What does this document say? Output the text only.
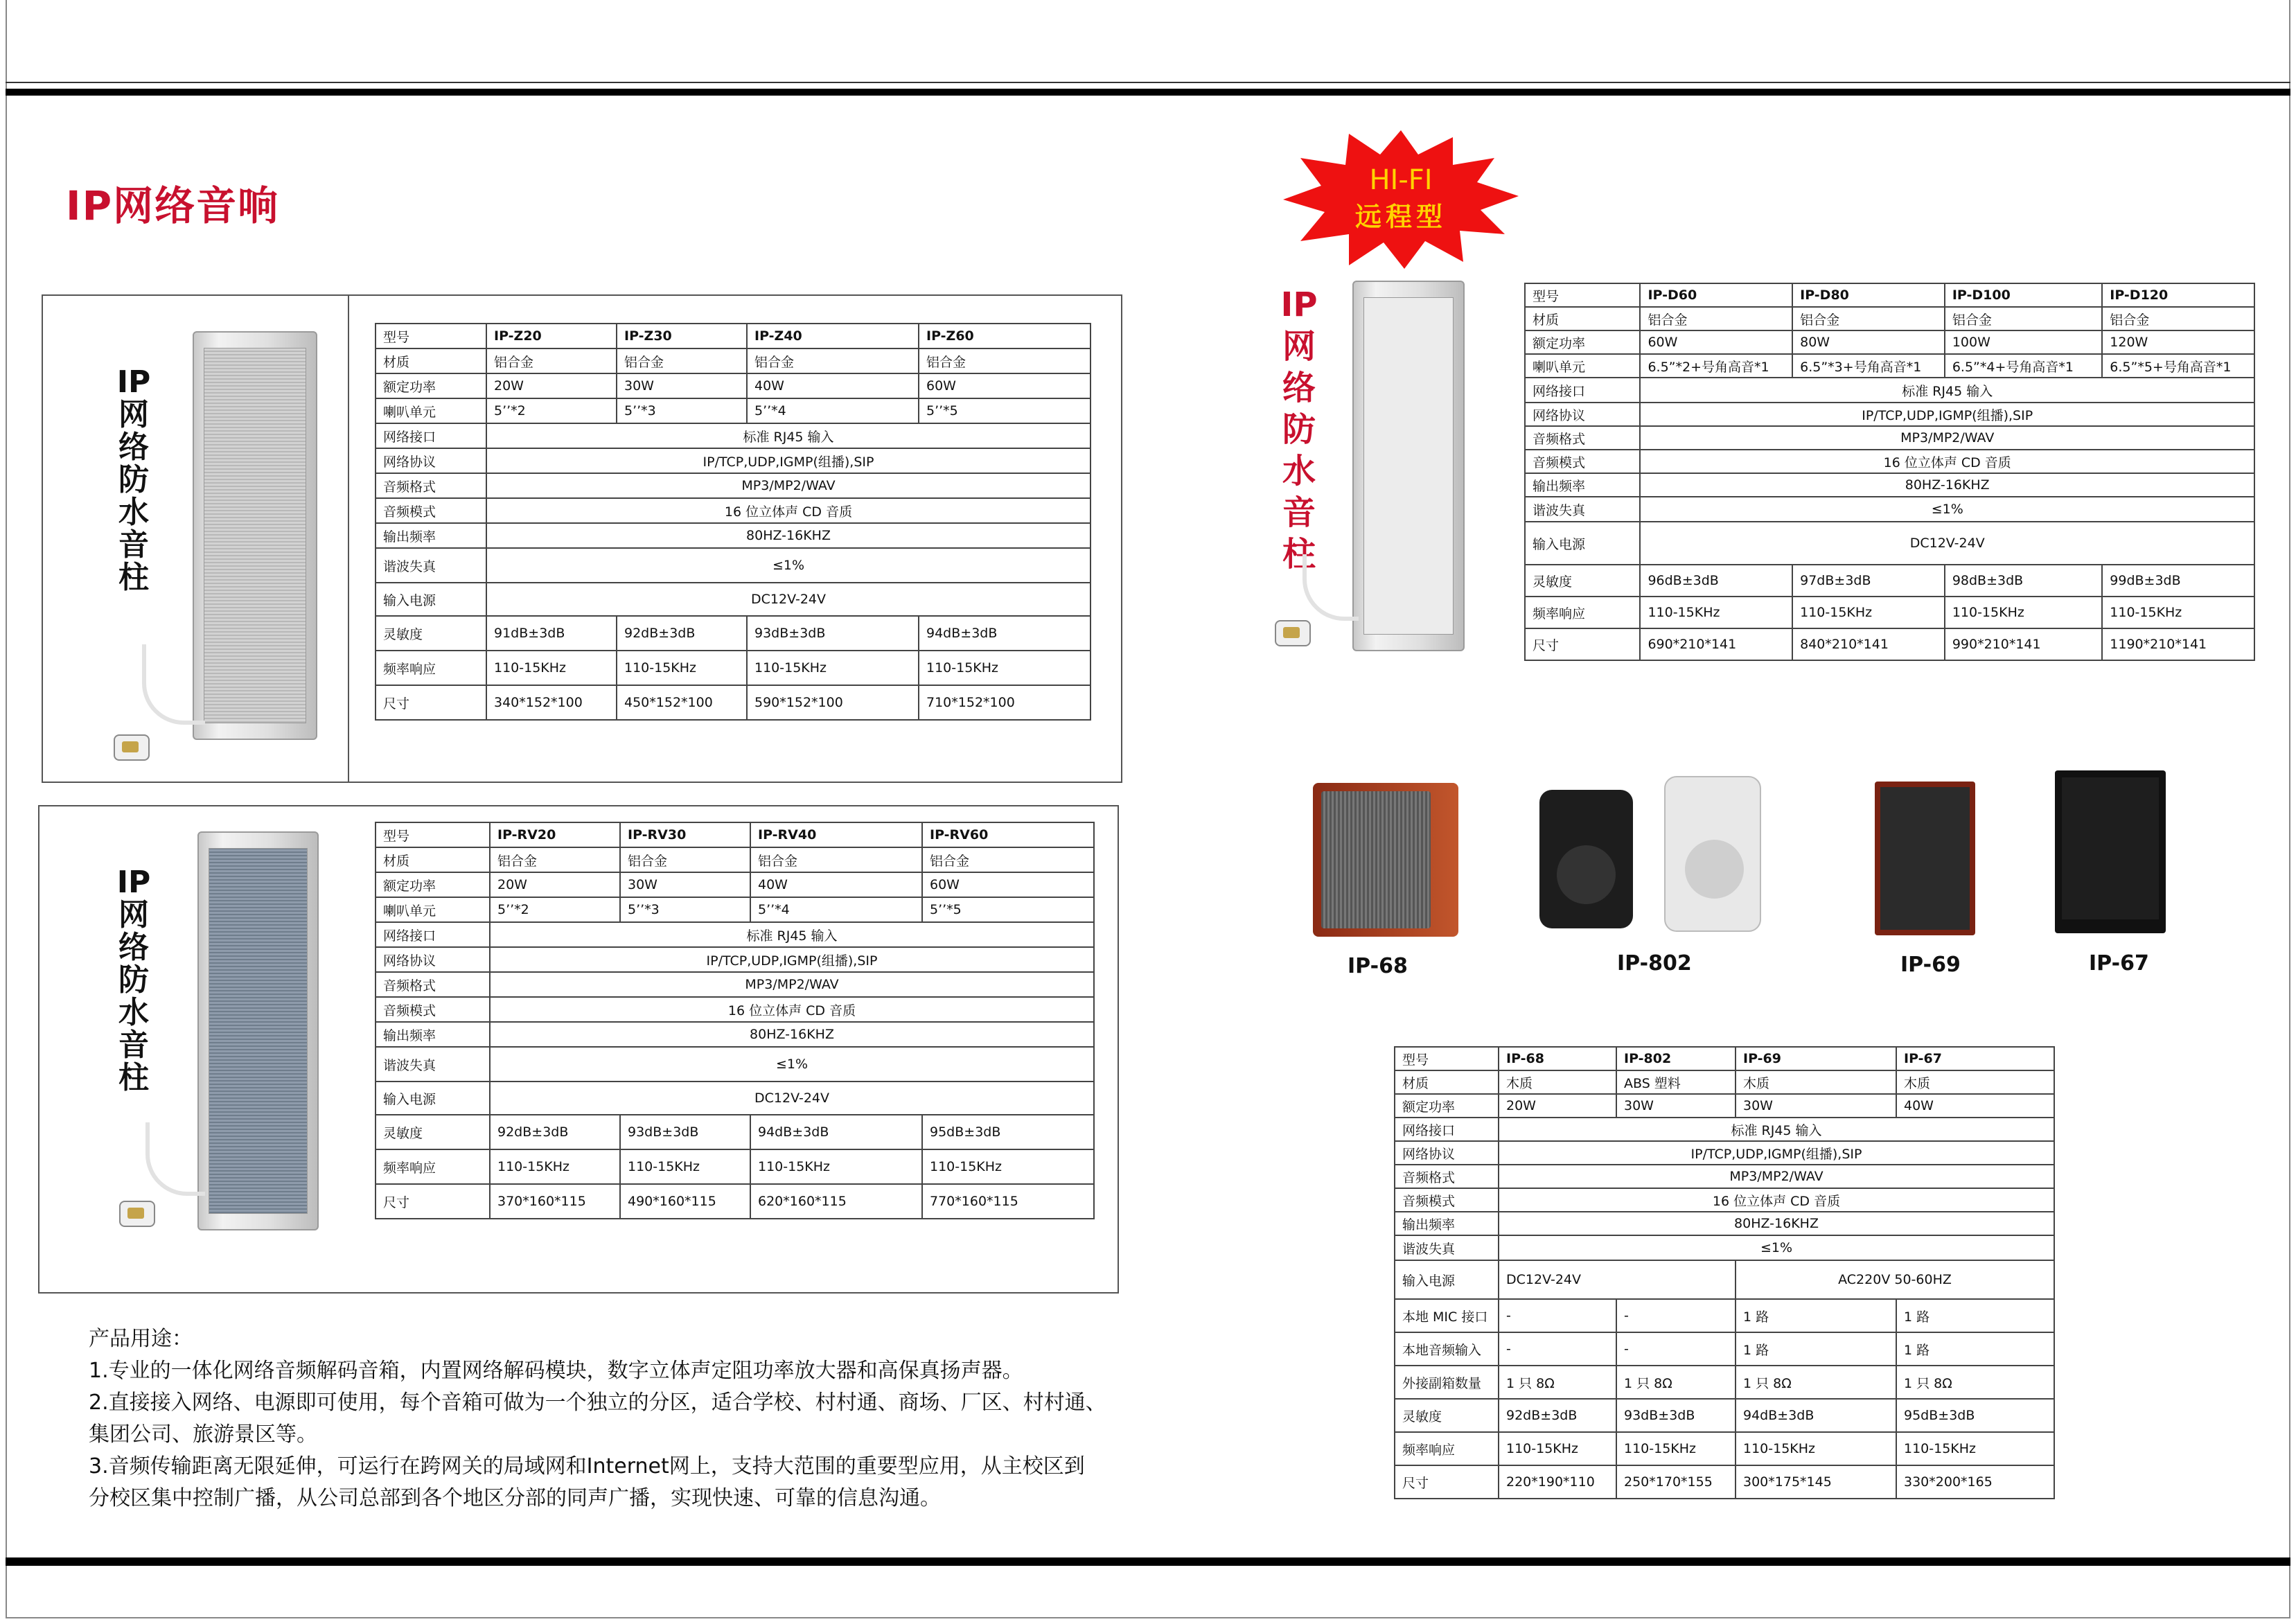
IP网络音响
IP
网
络
防
水
音
柱
型号	IP-Z20	IP-Z30	IP-Z40	IP-Z60
材质	铝合金	铝合金	铝合金	铝合金
额定功率	20W	30W	40W	60W
喇叭单元	5’’*2	5’’*3	5’’*4	5’’*5
网络接口	标准 RJ45 输入			
网络协议	IP/TCP,UDP,IGMP(组播),SIP			
音频格式	MP3/MP2/WAV			
音频模式	16 位立体声 CD 音质			
输出频率	80HZ-16KHZ			
谐波失真	≤1%			
输入电源	DC12V-24V			
灵敏度	91dB±3dB	92dB±3dB	93dB±3dB	94dB±3dB
频率响应	110-15KHz	110-15KHz	110-15KHz	110-15KHz
尺寸	340*152*100	450*152*100	590*152*100	710*152*100
IP
网
络
防
水
音
柱
型号	IP-RV20	IP-RV30	IP-RV40	IP-RV60
材质	铝合金	铝合金	铝合金	铝合金
额定功率	20W	30W	40W	60W
喇叭单元	5’’*2	5’’*3	5’’*4	5’’*5
网络接口	标准 RJ45 输入			
网络协议	IP/TCP,UDP,IGMP(组播),SIP			
音频格式	MP3/MP2/WAV			
音频模式	16 位立体声 CD 音质			
输出频率	80HZ-16KHZ			
谐波失真	≤1%			
输入电源	DC12V-24V			
灵敏度	92dB±3dB	93dB±3dB	94dB±3dB	95dB±3dB
频率响应	110-15KHz	110-15KHz	110-15KHz	110-15KHz
尺寸	370*160*115	490*160*115	620*160*115	770*160*115
HI-FI
远程型
IP
网
络
防
水
音
柱
型号	IP-D60	IP-D80	IP-D100	IP-D120
材质	铝合金	铝合金	铝合金	铝合金
额定功率	60W	80W	100W	120W
喇叭单元	6.5”*2+号角高音*1	6.5”*3+号角高音*1	6.5”*4+号角高音*1	6.5”*5+号角高音*1
网络接口	标准 RJ45 输入			
网络协议	IP/TCP,UDP,IGMP(组播),SIP			
音频格式	MP3/MP2/WAV			
音频模式	16 位立体声 CD 音质			
输出频率	80HZ-16KHZ			
谐波失真	≤1%			
输入电源	DC12V-24V			
灵敏度	96dB±3dB	97dB±3dB	98dB±3dB	99dB±3dB
频率响应	110-15KHz	110-15KHz	110-15KHz	110-15KHz
尺寸	690*210*141	840*210*141	990*210*141	1190*210*141
IP-68	IP-802	IP-69	IP-67
型号	IP-68	IP-802	IP-69	IP-67
材质	木质	ABS 塑料	木质	木质
额定功率	20W	30W	30W	40W
网络接口	标准 RJ45 输入			
网络协议	IP/TCP,UDP,IGMP(组播),SIP			
音频格式	MP3/MP2/WAV			
音频模式	16 位立体声 CD 音质			
输出频率	80HZ-16KHZ			
谐波失真	≤1%			
输入电源	DC12V-24V		AC220V 50-60HZ	
本地 MIC 接口	-	-	1 路	1 路
本地音频输入	-	-	1 路	1 路
外接副箱数量	1 只 8Ω	1 只 8Ω	1 只 8Ω	1 只 8Ω
灵敏度	92dB±3dB	93dB±3dB	94dB±3dB	95dB±3dB
频率响应	110-15KHz	110-15KHz	110-15KHz	110-15KHz
尺寸	220*190*110	250*170*155	300*175*145	330*200*165
产品用途：
1.专业的一体化网络音频解码音箱，内置网络解码模块，数字立体声定阻功率放大器和高保真扬声器。
2.直接接入网络、电源即可使用，每个音箱可做为一个独立的分区，适合学校、村村通、商场、厂区、村村通、
集团公司、旅游景区等。
3.音频传输距离无限延伸，可运行在跨网关的局域网和Internet网上，支持大范围的重要型应用，从主校区到
分校区集中控制广播，从公司总部到各个地区分部的同声广播，实现快速、可靠的信息沟通。
